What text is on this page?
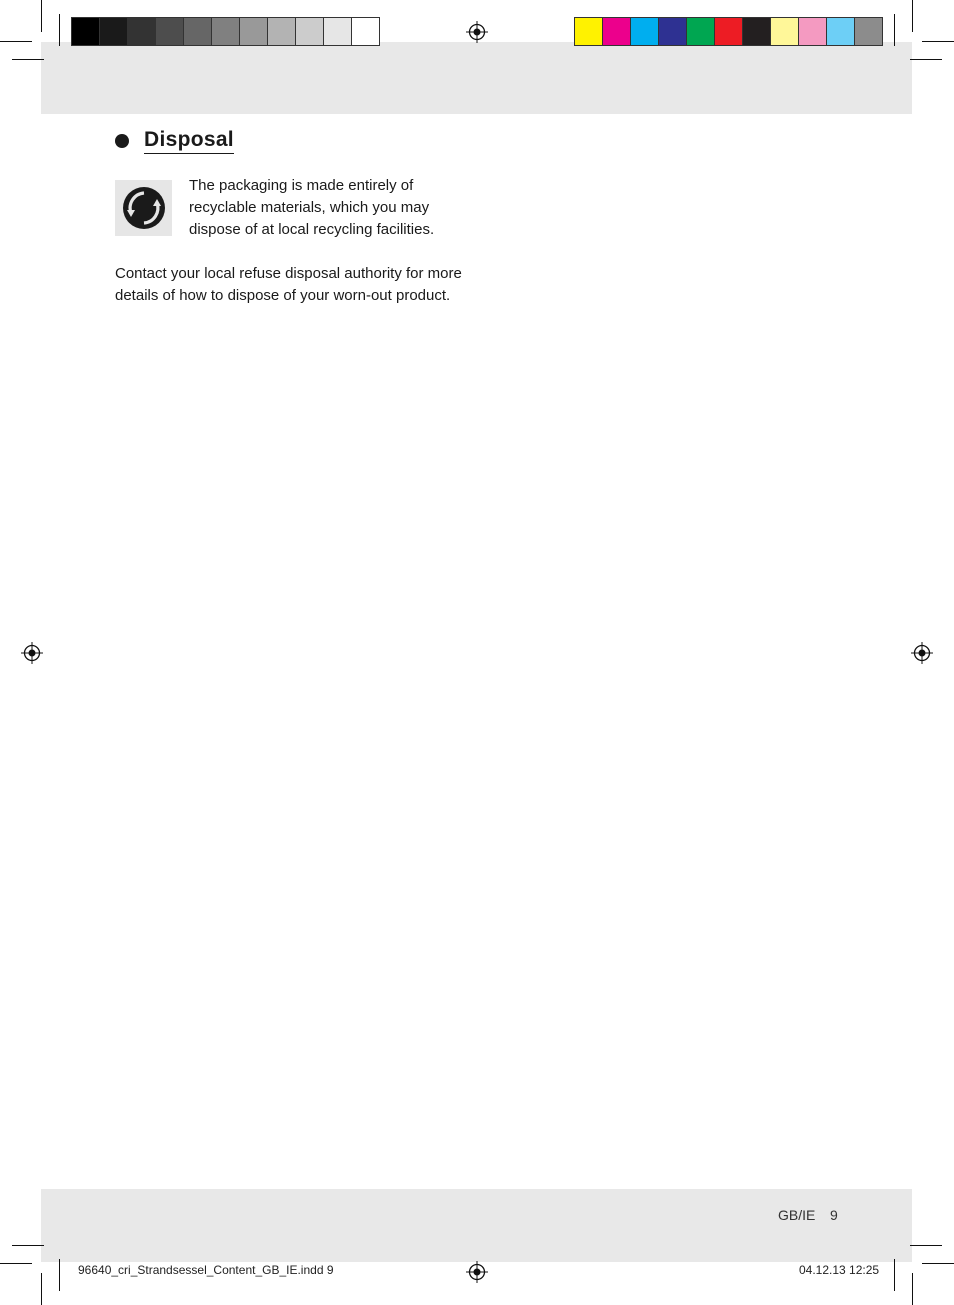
Disposal

The packaging is made entirely of recyclable materials, which you may dispose of at local recycling facilities.

Contact your local refuse disposal authority for more details of how to dispose of your worn-out product.

GB/IE 9
96640_cri_Strandsessel_Content_GB_IE.indd 9	04.12.13 12:25
